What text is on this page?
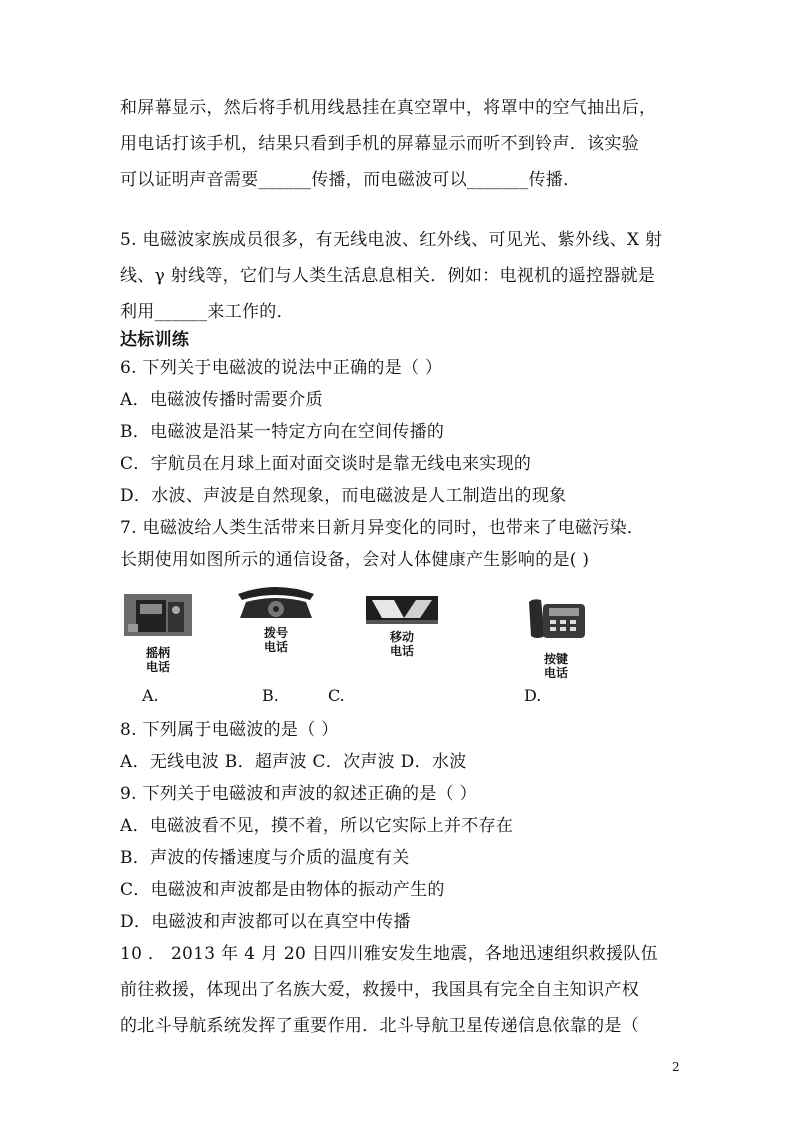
和屏幕显示，然后将手机用线悬挂在真空罩中，将罩中的空气抽出后，
用电话打该手机，结果只看到手机的屏幕显示而听不到铃声．该实验
可以证明声音需要______传播，而电磁波可以_______传播．
5. 电磁波家族成员很多，有无线电波、红外线、可见光、紫外线、X 射
线、γ 射线等，它们与人类生活息息相关．例如：电视机的遥控器就是
利用______来工作的．
达标训练
6. 下列关于电磁波的说法中正确的是（ ）
A．电磁波传播时需要介质
B．电磁波是沿某一特定方向在空间传播的
C．宇航员在月球上面对面交谈时是靠无线电来实现的
D．水波、声波是自然现象，而电磁波是人工制造出的现象
7. 电磁波给人类生活带来日新月异变化的同时，也带来了电磁污染．
长期使用如图所示的通信设备，会对人体健康产生影响的是( )
摇柄
电话
拨号
电话
移动
电话
按键
电话
A.	B.	C.	D.
8. 下列属于电磁波的是（ ）
A．无线电波 B．超声波 C．次声波 D．水波
9. 下列关于电磁波和声波的叙述正确的是（ ）
A．电磁波看不见，摸不着，所以它实际上并不存在
B．声波的传播速度与介质的温度有关
C．电磁波和声波都是由物体的振动产生的
D．电磁波和声波都可以在真空中传播
10 ． 2013 年 4 月 20 日四川雅安发生地震，各地迅速组织救援队伍
前往救援，体现出了名族大爱，救援中，我国具有完全自主知识产权
的北斗导航系统发挥了重要作用．北斗导航卫星传递信息依靠的是（
2
